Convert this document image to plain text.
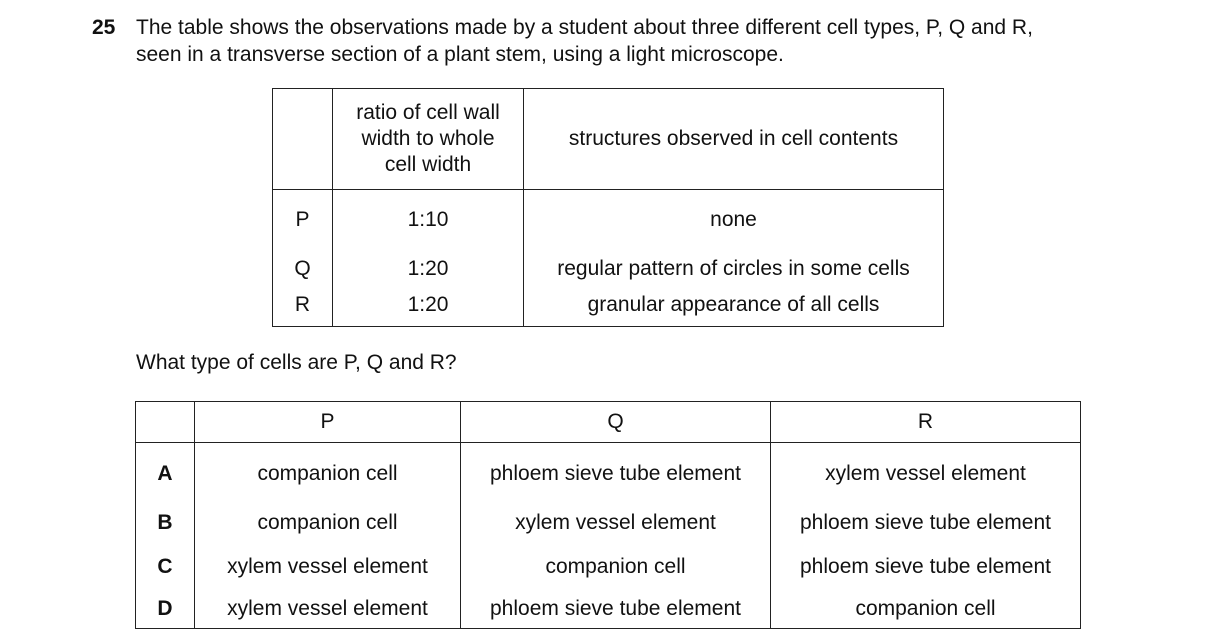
25 The table shows the observations made by a student about three different cell types, P, Q and R,
seen in a transverse section of a plant stem, using a light microscope.

	ratio of cell wall
width to whole
cell width	structures observed in cell contents
P	1:10	none
Q	1:20	regular pattern of circles in some cells
R	1:20	granular appearance of all cells
What type of cells are P, Q and R?
	P	Q	R
A	companion cell	phloem sieve tube element	xylem vessel element
B	companion cell	xylem vessel element	phloem sieve tube element
C	xylem vessel element	companion cell	phloem sieve tube element
D	xylem vessel element	phloem sieve tube element	companion cell
